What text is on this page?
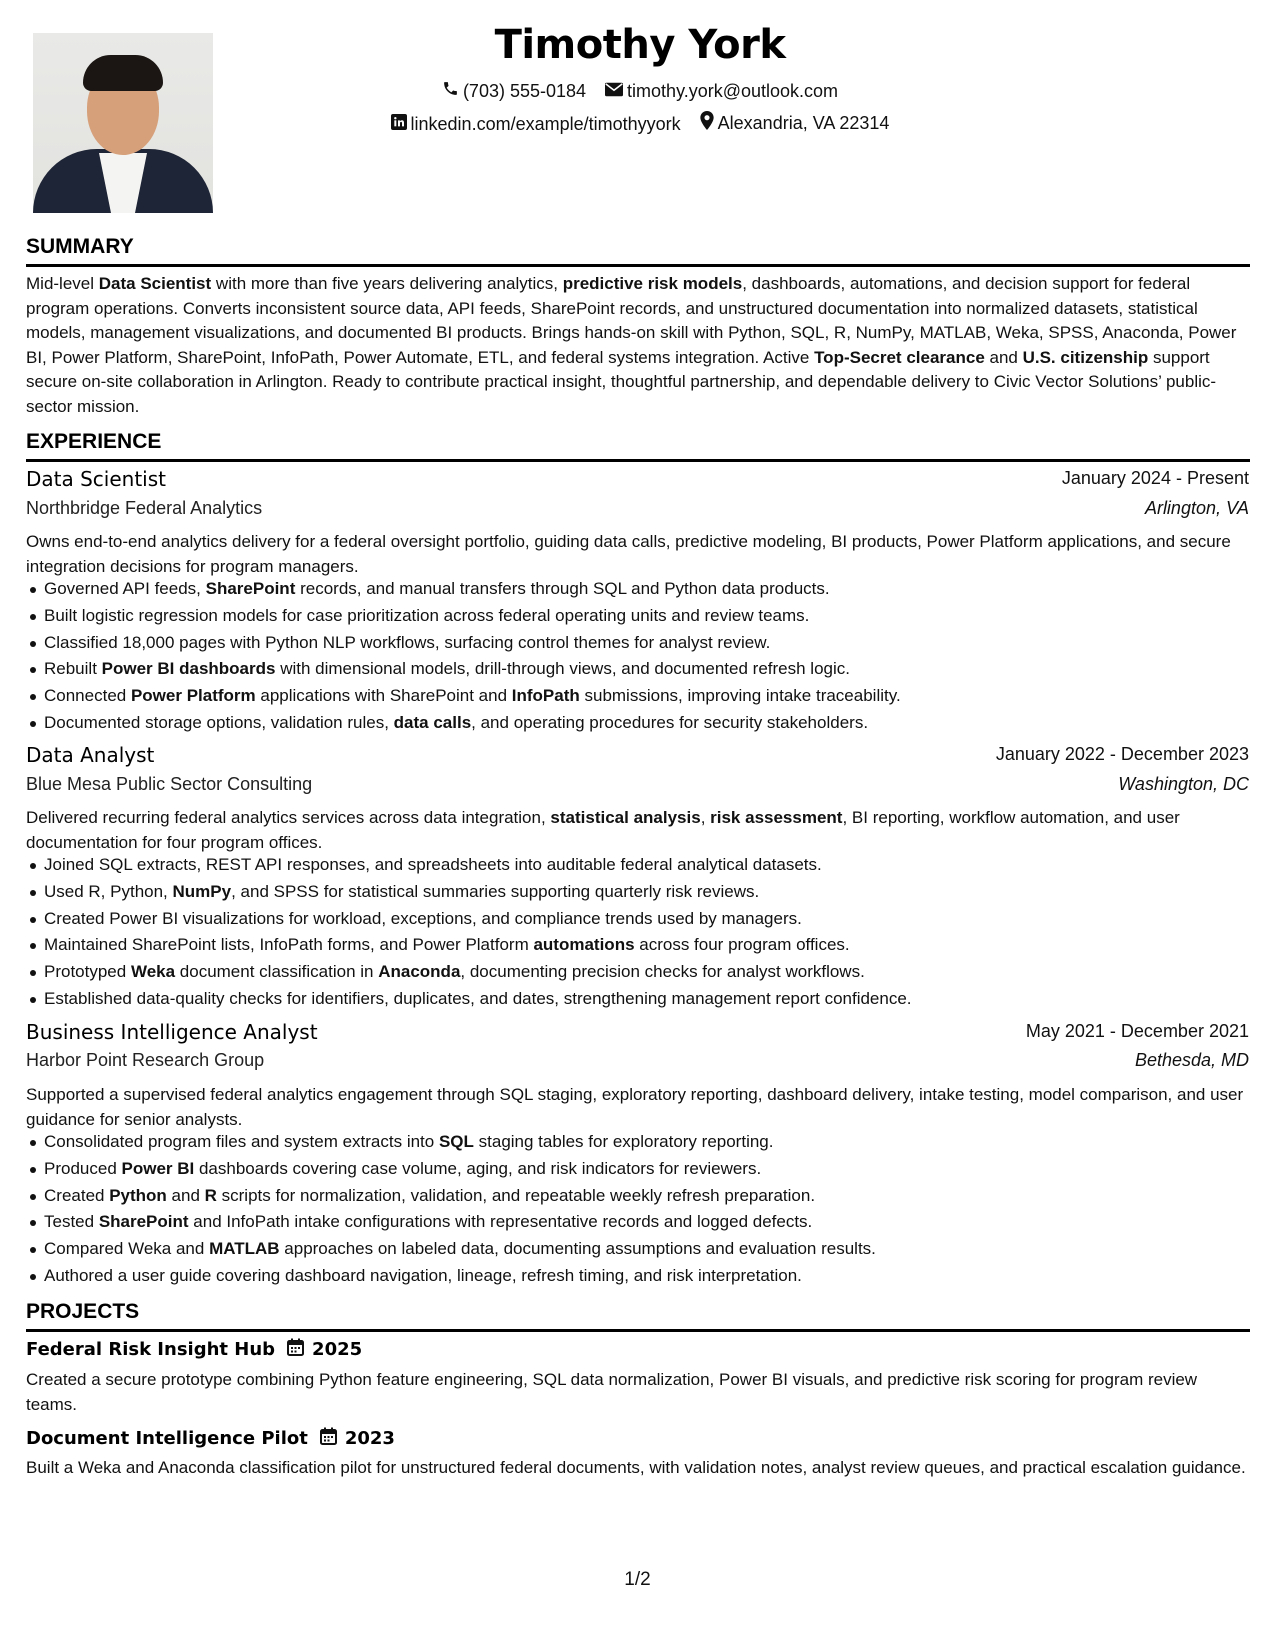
Timothy York
(703) 555-0184
timothy.york@outlook.com
linkedin.com/example/timothyyork
Alexandria, VA 22314
SUMMARY
Mid-level Data Scientist with more than five years delivering analytics, predictive risk models, dashboards, automations, and decision support for federal program operations. Converts inconsistent source data, API feeds, SharePoint records, and unstructured documentation into normalized datasets, statistical models, management visualizations, and documented BI products. Brings hands-on skill with Python, SQL, R, NumPy, MATLAB, Weka, SPSS, Anaconda, Power BI, Power Platform, SharePoint, InfoPath, Power Automate, ETL, and federal systems integration. Active Top-Secret clearance and U.S. citizenship support secure on-site collaboration in Arlington. Ready to contribute practical insight, thoughtful partnership, and dependable delivery to Civic Vector Solutions’ public-sector mission.
EXPERIENCE
Data Scientist	January 2024 - Present
Northbridge Federal Analytics	Arlington, VA
Owns end-to-end analytics delivery for a federal oversight portfolio, guiding data calls, predictive modeling, BI products, Power Platform applications, and secure integration decisions for program managers.
Governed API feeds, SharePoint records, and manual transfers through SQL and Python data products.
Built logistic regression models for case prioritization across federal operating units and review teams.
Classified 18,000 pages with Python NLP workflows, surfacing control themes for analyst review.
Rebuilt Power BI dashboards with dimensional models, drill-through views, and documented refresh logic.
Connected Power Platform applications with SharePoint and InfoPath submissions, improving intake traceability.
Documented storage options, validation rules, data calls, and operating procedures for security stakeholders.
Data Analyst	January 2022 - December 2023
Blue Mesa Public Sector Consulting	Washington, DC
Delivered recurring federal analytics services across data integration, statistical analysis, risk assessment, BI reporting, workflow automation, and user documentation for four program offices.
Joined SQL extracts, REST API responses, and spreadsheets into auditable federal analytical datasets.
Used R, Python, NumPy, and SPSS for statistical summaries supporting quarterly risk reviews.
Created Power BI visualizations for workload, exceptions, and compliance trends used by managers.
Maintained SharePoint lists, InfoPath forms, and Power Platform automations across four program offices.
Prototyped Weka document classification in Anaconda, documenting precision checks for analyst workflows.
Established data-quality checks for identifiers, duplicates, and dates, strengthening management report confidence.
Business Intelligence Analyst	May 2021 - December 2021
Harbor Point Research Group	Bethesda, MD
Supported a supervised federal analytics engagement through SQL staging, exploratory reporting, dashboard delivery, intake testing, model comparison, and user guidance for senior analysts.
Consolidated program files and system extracts into SQL staging tables for exploratory reporting.
Produced Power BI dashboards covering case volume, aging, and risk indicators for reviewers.
Created Python and R scripts for normalization, validation, and repeatable weekly refresh preparation.
Tested SharePoint and InfoPath intake configurations with representative records and logged defects.
Compared Weka and MATLAB approaches on labeled data, documenting assumptions and evaluation results.
Authored a user guide covering dashboard navigation, lineage, refresh timing, and risk interpretation.
PROJECTS
Federal Risk Insight Hub 2025
Created a secure prototype combining Python feature engineering, SQL data normalization, Power BI visuals, and predictive risk scoring for program review teams.
Document Intelligence Pilot 2023
Built a Weka and Anaconda classification pilot for unstructured federal documents, with validation notes, analyst review queues, and practical escalation guidance.
1/2
